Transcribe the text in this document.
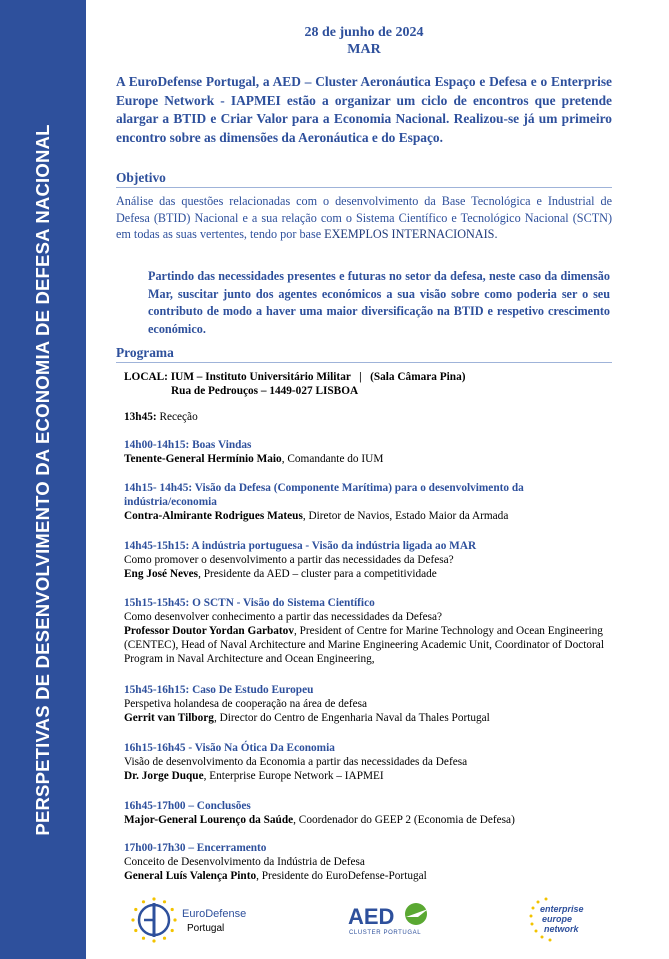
PERSPETIVAS DE DESENVOLVIMENTO DA ECONOMIA DE DEFESA NACIONAL
28 de junho de 2024
MAR
A EuroDefense Portugal, a AED – Cluster Aeronáutica Espaço e Defesa e o Enterprise Europe Network - IAPMEI estão a organizar um ciclo de encontros que pretende alargar a BTID e Criar Valor para a Economia Nacional. Realizou-se já um primeiro encontro sobre as dimensões da Aeronáutica e do Espaço.
Objetivo
Análise das questões relacionadas com o desenvolvimento da Base Tecnológica e Industrial de Defesa (BTID) Nacional e a sua relação com o Sistema Científico e Tecnológico Nacional (SCTN) em todas as suas vertentes, tendo por base EXEMPLOS INTERNACIONAIS.
Partindo das necessidades presentes e futuras no setor da defesa, neste caso da dimensão Mar, suscitar junto dos agentes económicos a sua visão sobre como poderia ser o seu contributo de modo a haver uma maior diversificação na BTID e respetivo crescimento económico.
Programa
LOCAL: IUM – Instituto Universitário Militar   |   (Sala Câmara Pina)
Rua de Pedrouços – 1449-027 LISBOA
13h45: Receção
14h00-14h15: Boas Vindas
Tenente-General Hermínio Maio, Comandante do IUM
14h15- 14h45: Visão da Defesa (Componente Marítima) para o desenvolvimento da indústria/economia
Contra-Almirante Rodrigues Mateus, Diretor de Navios, Estado Maior da Armada
14h45-15h15: A indústria portuguesa - Visão da indústria ligada ao MAR
Como promover o desenvolvimento a partir das necessidades da Defesa?
Eng José Neves, Presidente da AED – cluster para a competitividade
15h15-15h45: O SCTN - Visão do Sistema Científico
Como desenvolver conhecimento a partir das necessidades da Defesa?
Professor Doutor Yordan Garbatov, President of Centre for Marine Technology and Ocean Engineering (CENTEC), Head of Naval Architecture and Marine Engineering Academic Unit, Coordinator of Doctoral Program in Naval Architecture and Ocean Engineering,
15h45-16h15: Caso De Estudo Europeu
Perspetiva holandesa de cooperação na área de defesa
Gerrit van Tilborg, Director do Centro de Engenharia Naval da Thales Portugal
16h15-16h45 - Visão Na Ótica Da Economia
Visão de desenvolvimento da Economia a partir das necessidades da Defesa
Dr. Jorge Duque, Enterprise Europe Network – IAPMEI
16h45-17h00 – Conclusões
Major-General Lourenço da Saúde, Coordenador do GEEP 2 (Economia de Defesa)
17h00-17h30 – Encerramento
Conceito de Desenvolvimento da Indústria de Defesa
General Luís Valença Pinto, Presidente do EuroDefense-Portugal
EuroDefense
Portugal	AED
CLUSTER PORTUGAL
enterprise
europe
network
